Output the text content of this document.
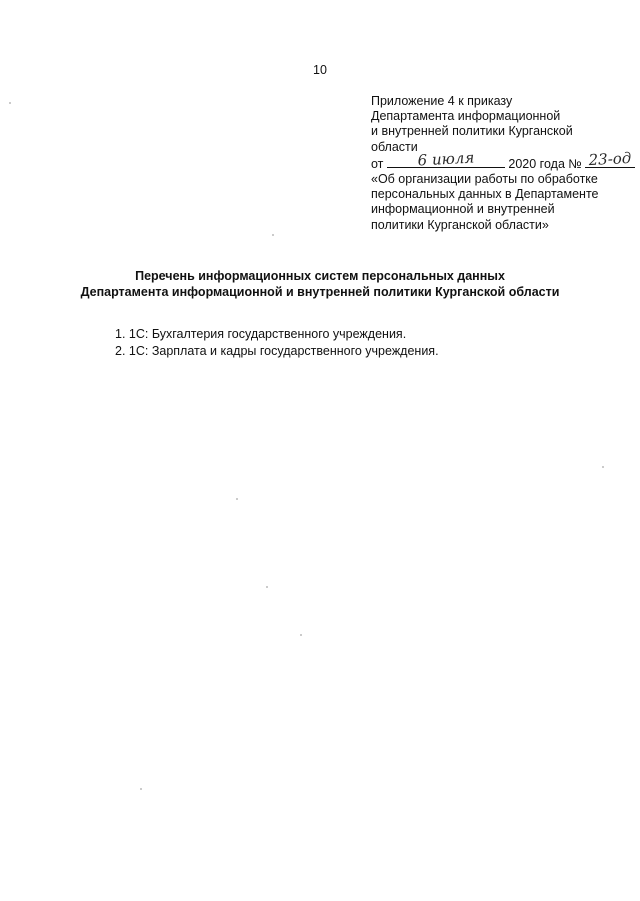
10
Приложение 4 к приказу
Департамента информационной
и внутренней политики Курганской
области
от	6 июля	2020 года № 23-од
«Об организации работы по обработке
персональных данных в Департаменте
информационной и внутренней
политики Курганской области»
Перечень информационных систем персональных данных
Департамента информационной и внутренней политики Курганской области
1. 1С: Бухгалтерия государственного учреждения.
2. 1С: Зарплата и кадры государственного учреждения.
